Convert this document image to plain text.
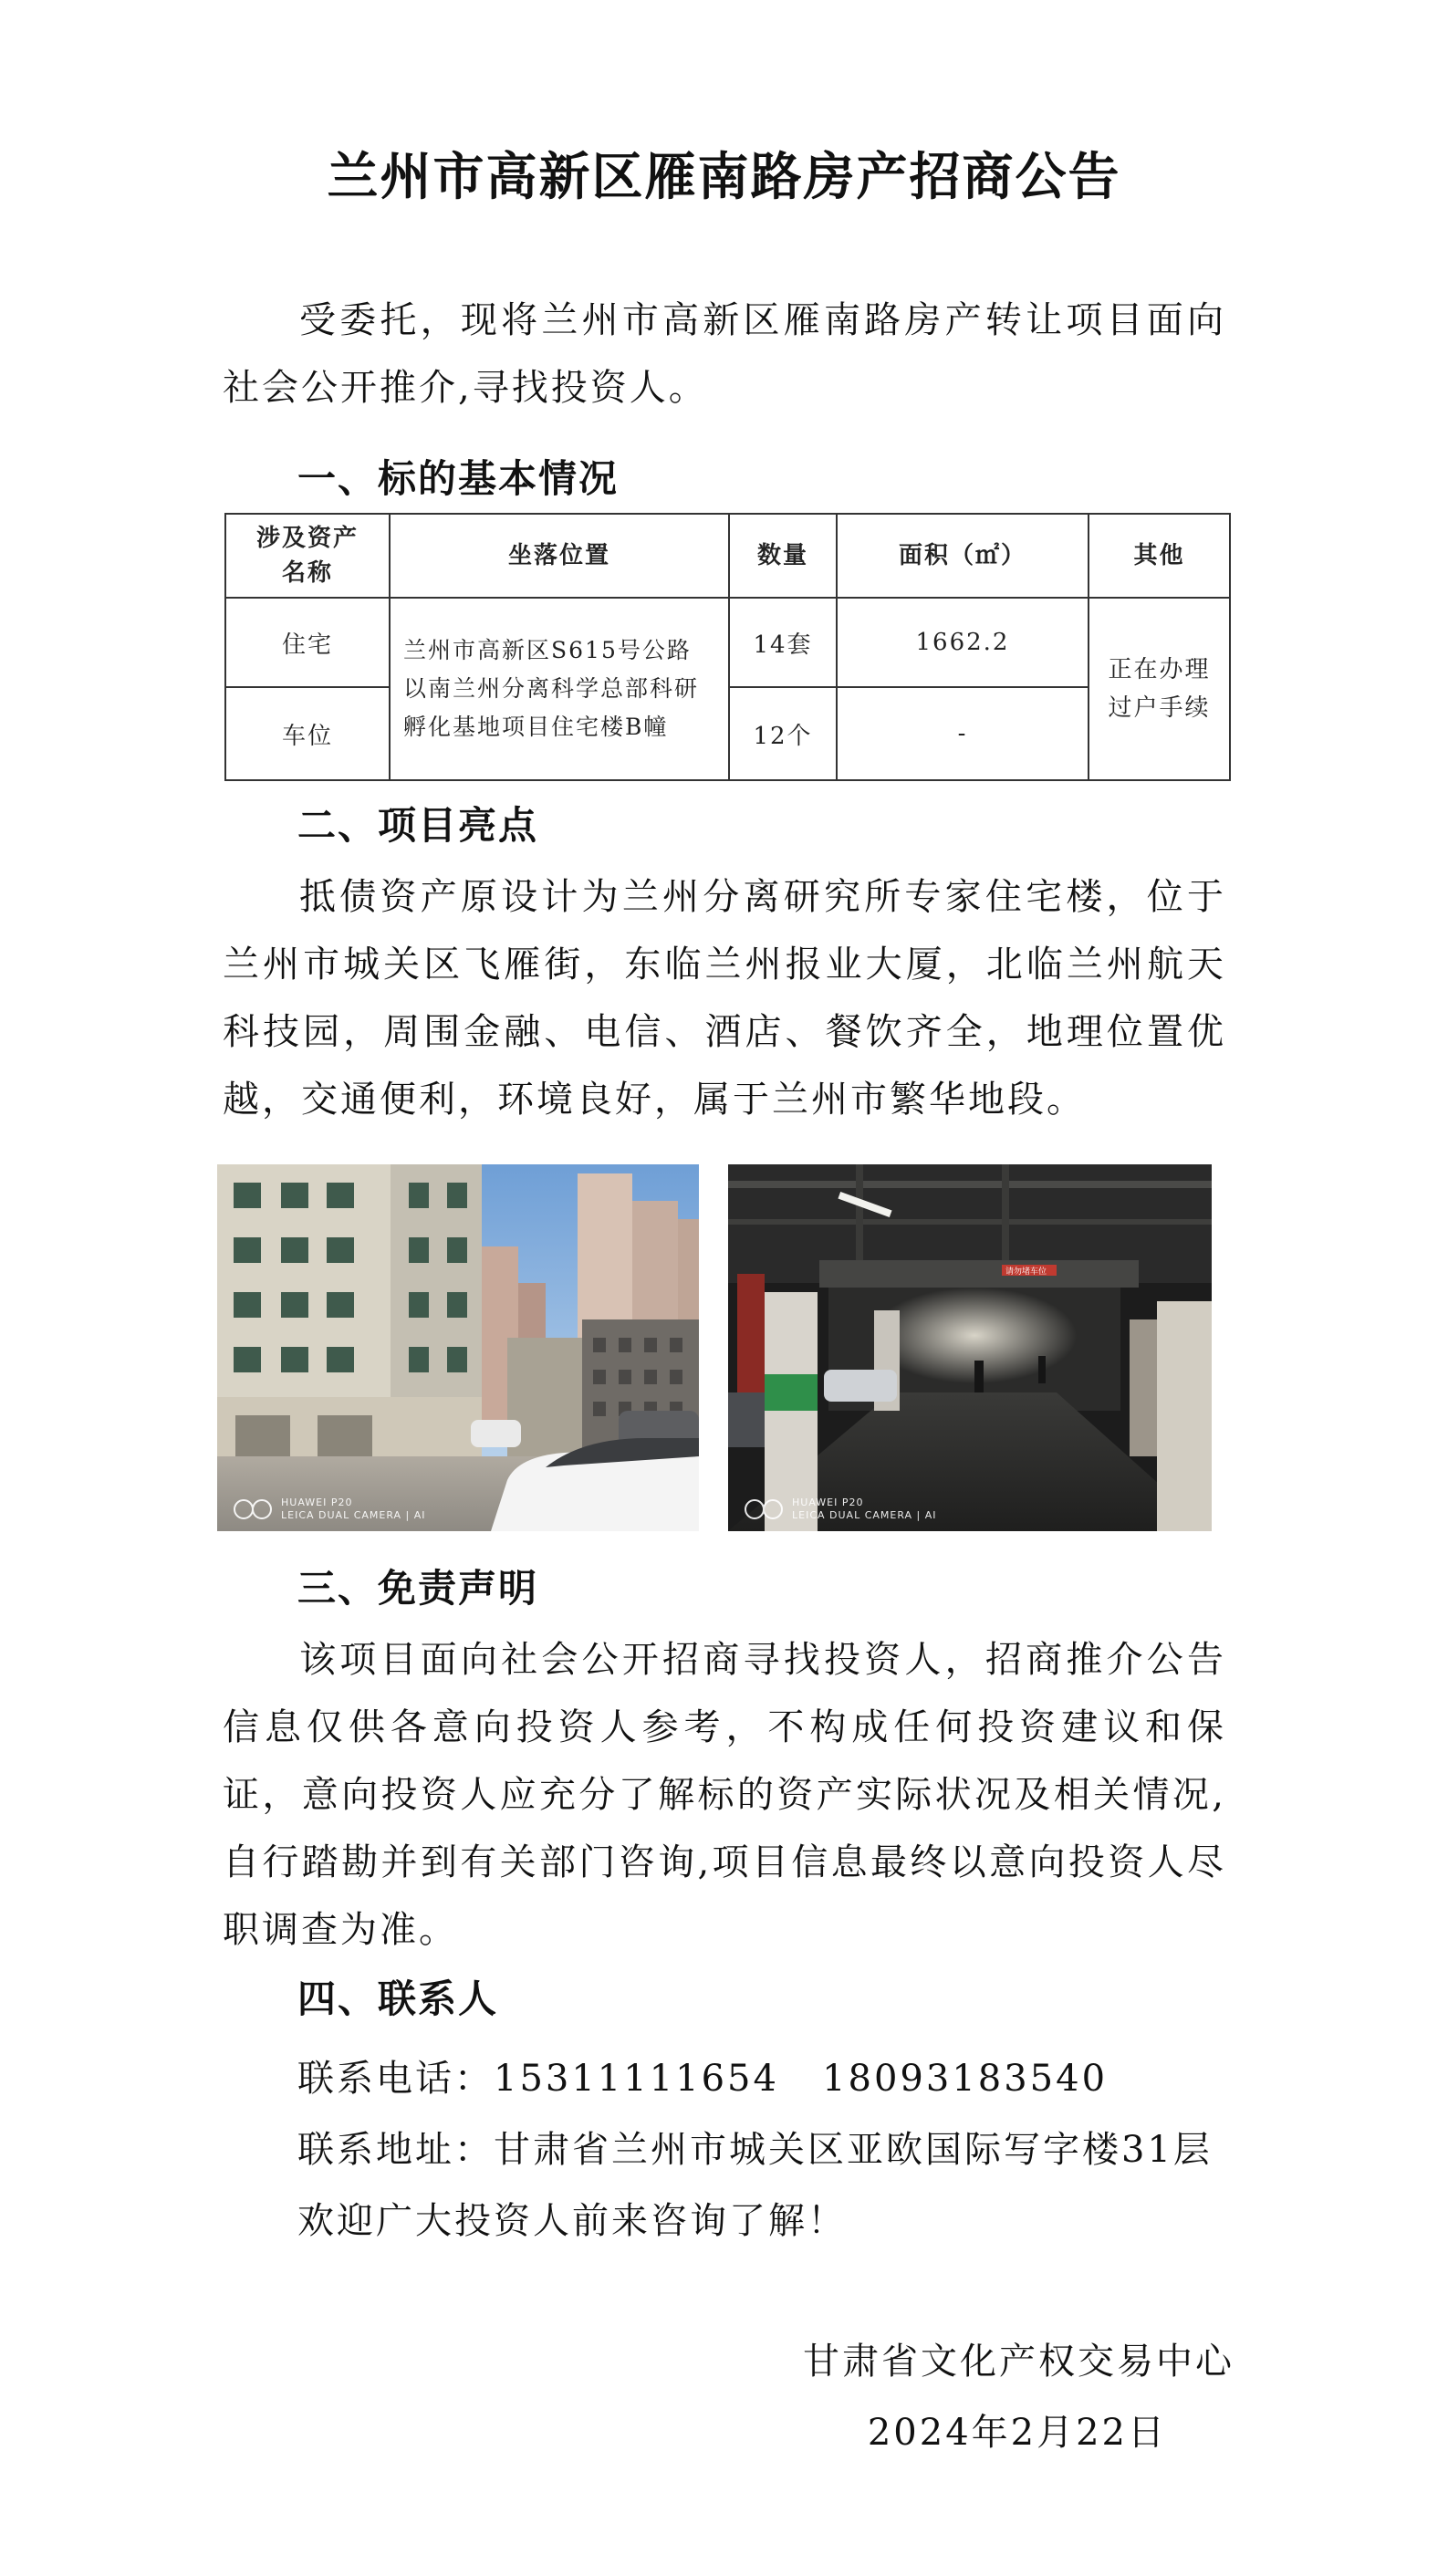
兰州市高新区雁南路房产招商公告
受委托，现将兰州市高新区雁南路房产转让项目面向社会公开推介,寻找投资人。
一、标的基本情况
涉及资产名称	坐落位置	数量	面积（㎡）	其他
住宅	兰州市高新区S615号公路以南兰州分离科学总部科研孵化基地项目住宅楼B幢	14套	1662.2	正在办理过户手续
车位		12个	-	
二、项目亮点
抵债资产原设计为兰州分离研究所专家住宅楼，位于兰州市城关区飞雁街，东临兰州报业大厦，北临兰州航天科技园，周围金融、电信、酒店、餐饮齐全，地理位置优越，交通便利，环境良好，属于兰州市繁华地段。
HUAWEI P20
LEICA DUAL CAMERA | AI
请勿堵车位
HUAWEI P20
LEICA DUAL CAMERA | AI
三、免责声明
该项目面向社会公开招商寻找投资人，招商推介公告信息仅供各意向投资人参考，不构成任何投资建议和保证，意向投资人应充分了解标的资产实际状况及相关情况,自行踏勘并到有关部门咨询,项目信息最终以意向投资人尽职调查为准。
四、联系人
联系电话：15311111654   18093183540
联系地址：甘肃省兰州市城关区亚欧国际写字楼31层
欢迎广大投资人前来咨询了解！
甘肃省文化产权交易中心
2024年2月22日
